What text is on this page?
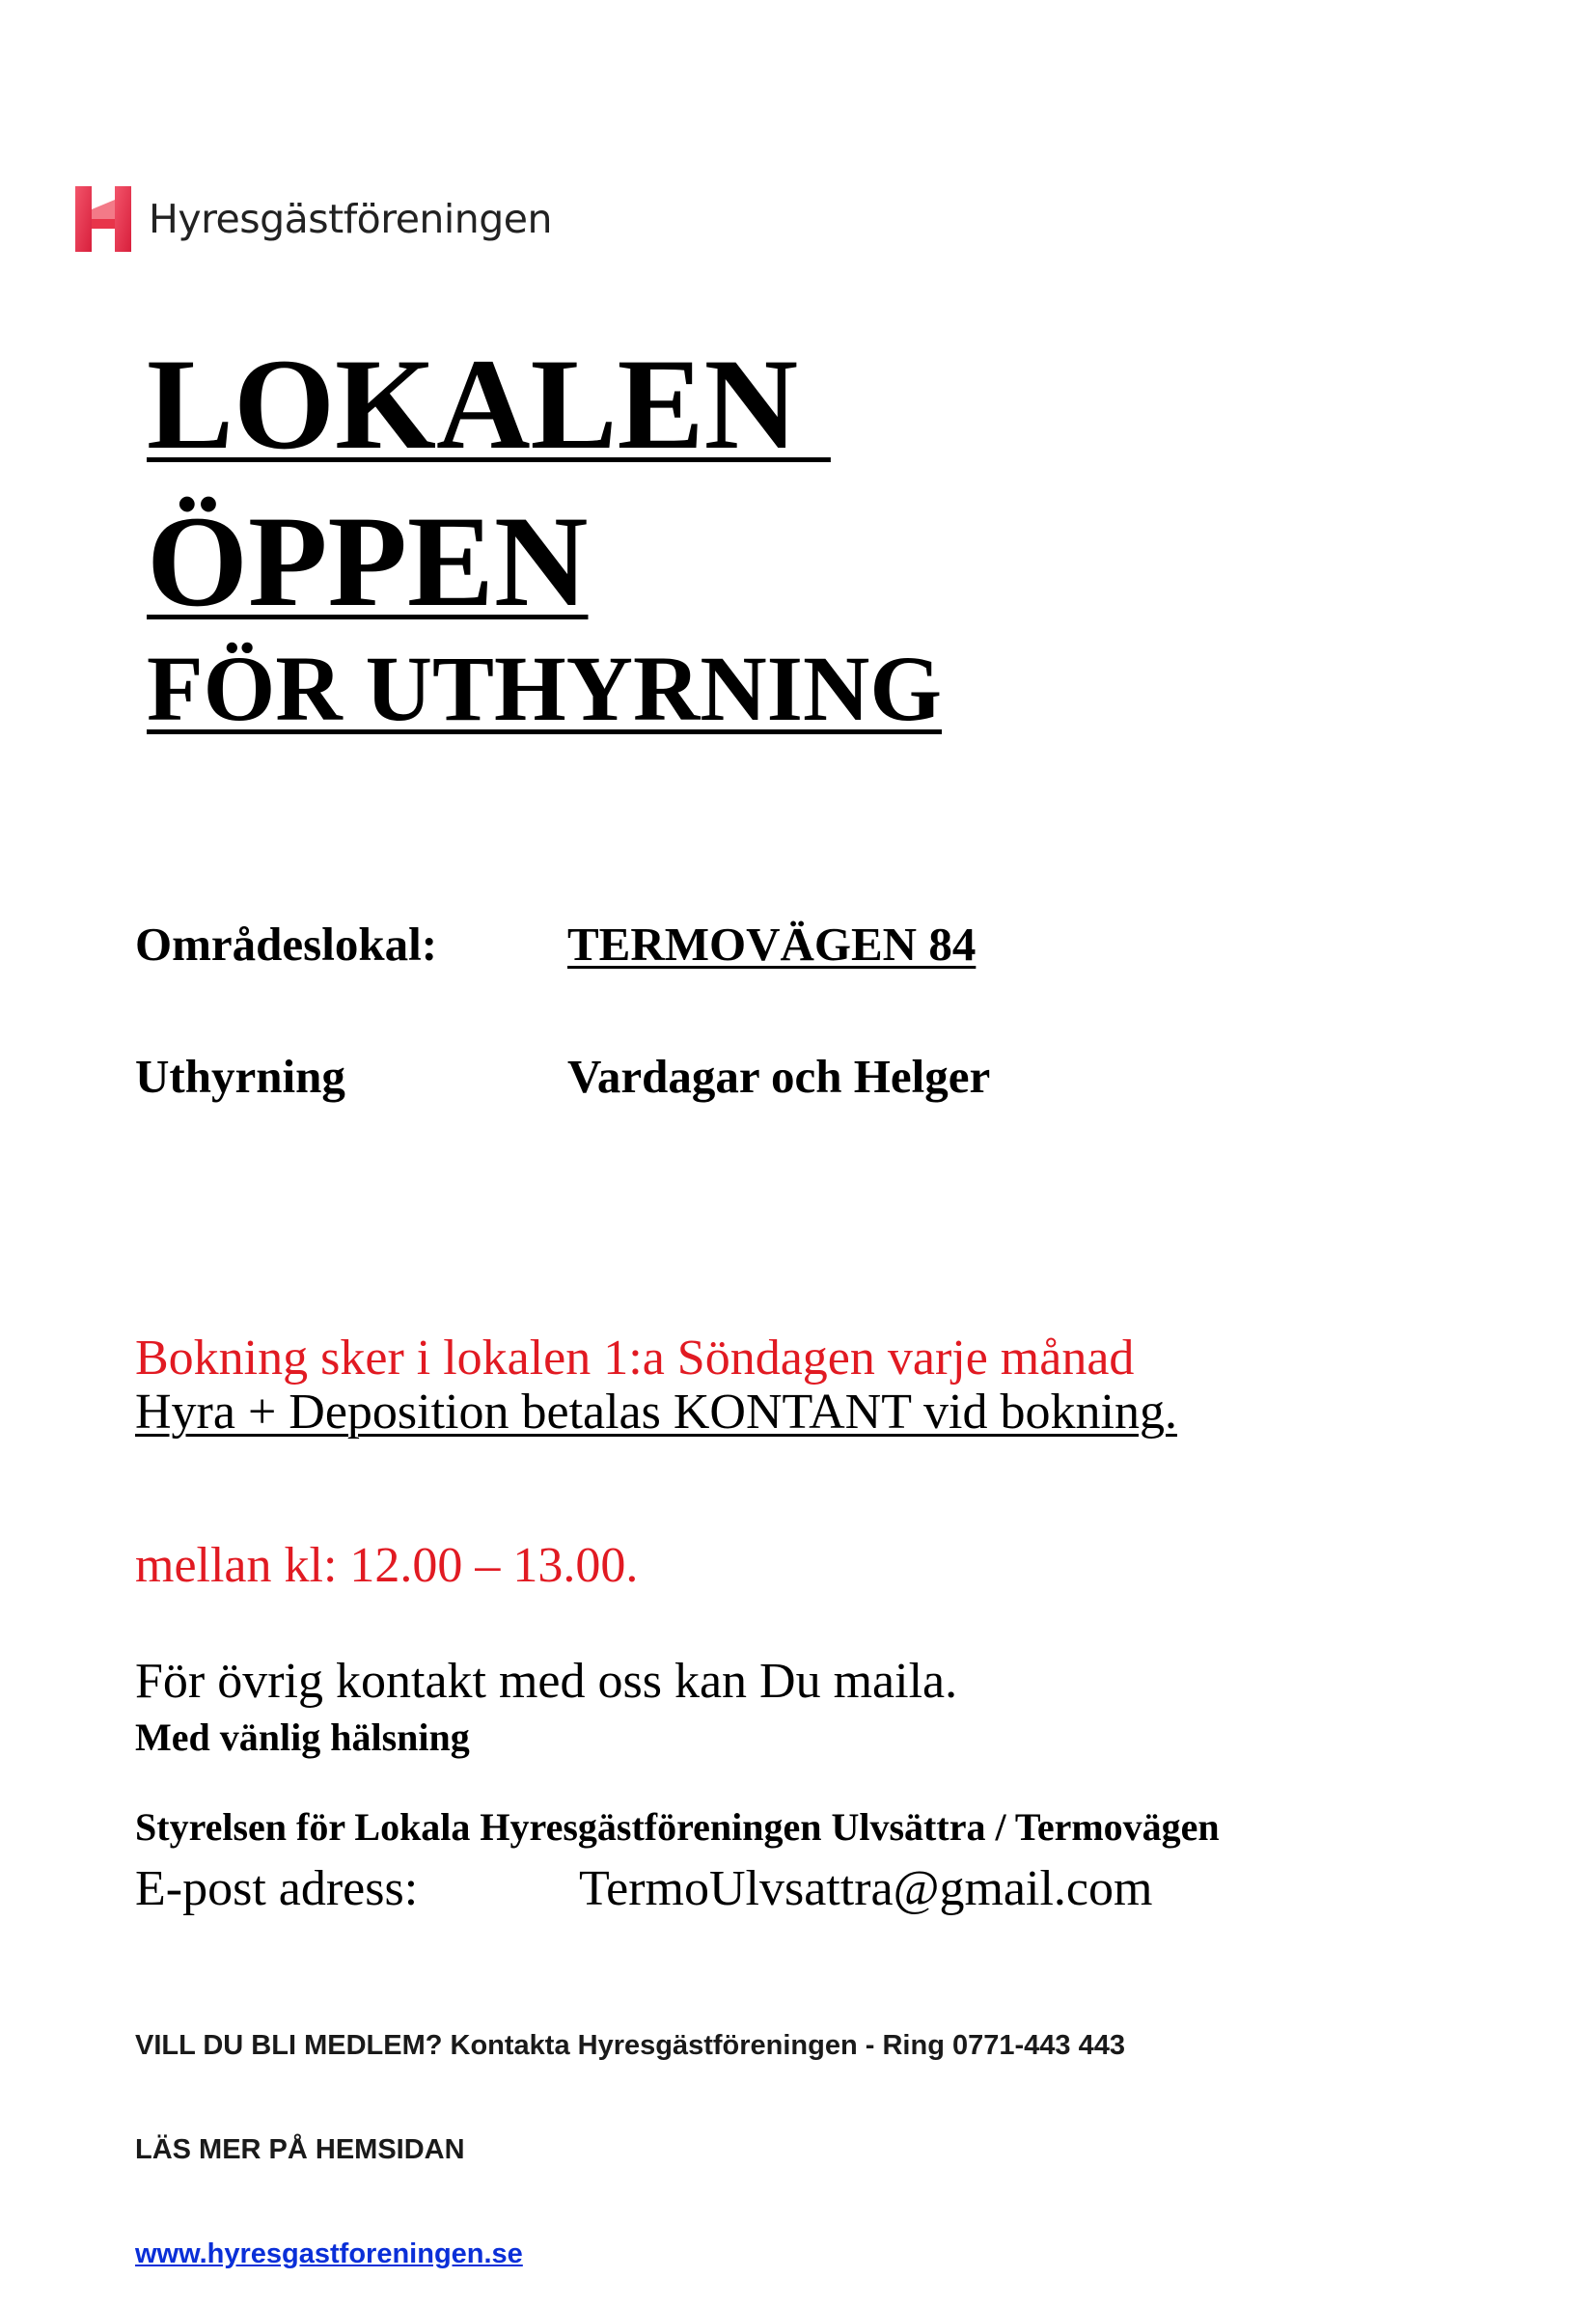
Hyresgästföreningen
LOKALEN
ÖPPEN
FÖR UTHYRNING
Områdeslokal:	TERMOVÄGEN 84
Uthyrning	Vardagar och Helger

Bokning sker i lokalen 1:a Söndagen varje månad

mellan kl: 12.00 – 13.00.

Hyra + Deposition betalas KONTANT vid bokning.

För övrig kontakt med oss kan Du maila.

E-post adress:	TermoUlvsattra@gmail.com

Med vänlig hälsning
Styrelsen för Lokala Hyresgästföreningen Ulvsättra / Termovägen

VILL DU BLI MEDLEM? Kontakta Hyresgästföreningen - Ring 0771-443 443

LÄS MER PÅ HEMSIDAN

www.hyresgastforeningen.se
